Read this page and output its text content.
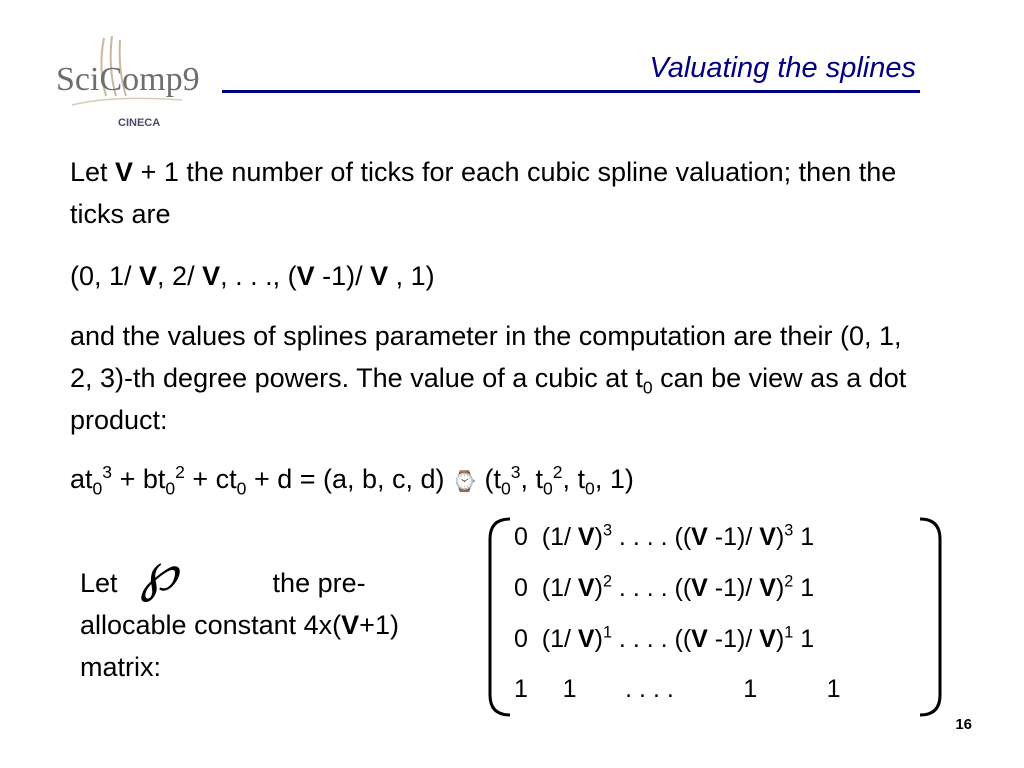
SciComp9
CINECA
Valuating the splines
Let V + 1 the number of ticks for each cubic spline valuation; then the ticks are
(0, 1/ V, 2/ V, . . ., (V -1)/ V , 1)
and the values of splines parameter in the computation are their (0, 1, 2, 3)-th degree powers. The value of a cubic at $t_0$ can be view as a dot product:
$at_0^3 + bt_0^2 + ct_0 + d = (a$, b, c, d) ⌚ ($t_0^3$, $t_0^2$, $t_0$, 1)
Let	the pre-allocable constant 4x(V+1) matrix:
℘
0  (1/ V)$^3$ . . . . ((V -1)/ V)$^3$ 1
0  (1/ V)$^2$ . . . . ((V -1)/ V)$^2$ 1
0  (1/ V)$^1$ . . . . ((V -1)/ V)$^1$ 1
1     1       . . . .          1          1
16
